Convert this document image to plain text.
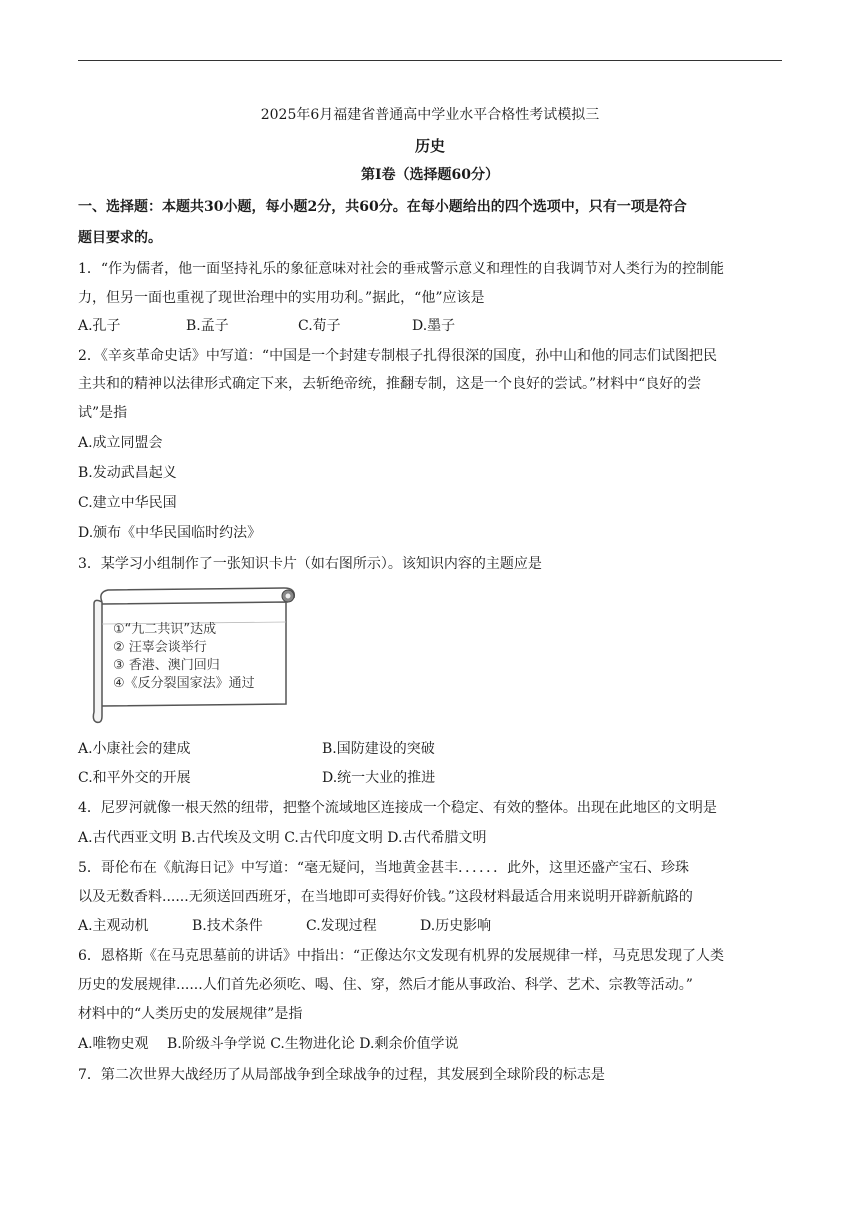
2025年6月福建省普通高中学业水平合格性考试模拟三
历史
第Ⅰ卷（选择题60分）
一、选择题：本题共30小题，每小题2分，共60分。在每小题给出的四个选项中，只有一项是符合
题目要求的。
1．“作为儒者，他一面坚持礼乐的象征意味对社会的垂戒警示意义和理性的自我调节对人类行为的控制能
力，但另一面也重视了现世治理中的实用功利。”据此，“他”应该是
A.孔子	B.孟子	C.荀子	D.墨子
2．《辛亥革命史话》中写道：“中国是一个封建专制根子扎得很深的国度，孙中山和他的同志们试图把民
主共和的精神以法律形式确定下来，去斩绝帝统，推翻专制，这是一个良好的尝试。”材料中“良好的尝
试”是指
A.成立同盟会
B.发动武昌起义
C.建立中华民国
D.颁布《中华民国临时约法》
3．某学习小组制作了一张知识卡片（如右图所示）。该知识内容的主题应是
①“九二共识”达成
② 汪辜会谈举行
③ 香港、澳门回归
④《反分裂国家法》通过
A.小康社会的建成	B.国防建设的突破
C.和平外交的开展	D.统一大业的推进
4．尼罗河就像一根天然的纽带，把整个流域地区连接成一个稳定、有效的整体。出现在此地区的文明是
A.古代西亚文明 B.古代埃及文明 C.古代印度文明 D.古代希腊文明
5．哥伦布在《航海日记》中写道：“毫无疑问，当地黄金甚丰．．．．．．此外，这里还盛产宝石、珍珠
以及无数香料......无须送回西班牙，在当地即可卖得好价钱。”这段材料最适合用来说明开辟新航路的
A.主观动机	B.技术条件	C.发现过程	D.历史影响
6．恩格斯《在马克思墓前的讲话》中指出：“正像达尔文发现有机界的发展规律一样，马克思发现了人类
历史的发展规律......人们首先必须吃、喝、住、穿，然后才能从事政治、科学、艺术、宗教等活动。”
材料中的“人类历史的发展规律”是指
A.唯物史观　 B.阶级斗争学说 C.生物进化论 D.剩余价值学说
7．第二次世界大战经历了从局部战争到全球战争的过程，其发展到全球阶段的标志是
